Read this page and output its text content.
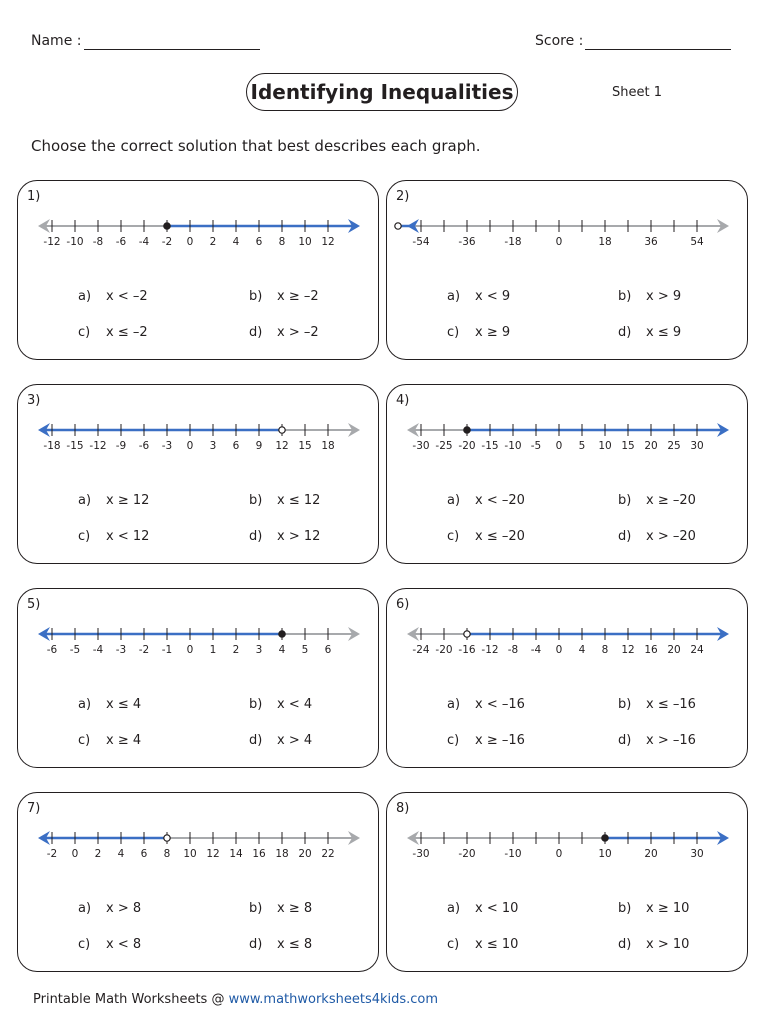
Name :	Score :
Identifying Inequalities	Sheet 1
Choose the correct solution that best describes each graph.
1)
-12 -10 -8 -6 -4 -2 0 2 4 6 8 10 12
a) x < –2	b) x ≥ –2
c) x ≤ –2	d) x > –2
2)
-54	-36	-18	0	18	36	54
a) x < 9	b) x > 9
c) x ≥ 9	d) x ≤ 9
3)
-18 -15 -12 -9 -6 -3 0 3 6 9 12 15 18
a) x ≥ 12	b) x ≤ 12
c) x < 12	d) x > 12
4)
-30 -25 -20 -15 -10 -5 0 5 10 15 20 25 30
a) x < –20	b) x ≥ –20
c) x ≤ –20	d) x > –20
5)
-6 -5 -4 -3 -2 -1 0 1 2 3 4 5 6
a) x ≤ 4	b) x < 4
c) x ≥ 4	d) x > 4
6)
-24 -20 -16 -12 -8 -4 0 4 8 12 16 20 24
a) x < –16	b) x ≤ –16
c) x ≥ –16	d) x > –16
7)
-2 0 2 4 6 8 10 12 14 16 18 20 22
a) x > 8	b) x ≥ 8
c) x < 8	d) x ≤ 8
8)
-30	-20	-10	0	10	20	30
a) x < 10	b) x ≥ 10
c) x ≤ 10	d) x > 10
Printable Math Worksheets @ www.mathworksheets4kids.com
